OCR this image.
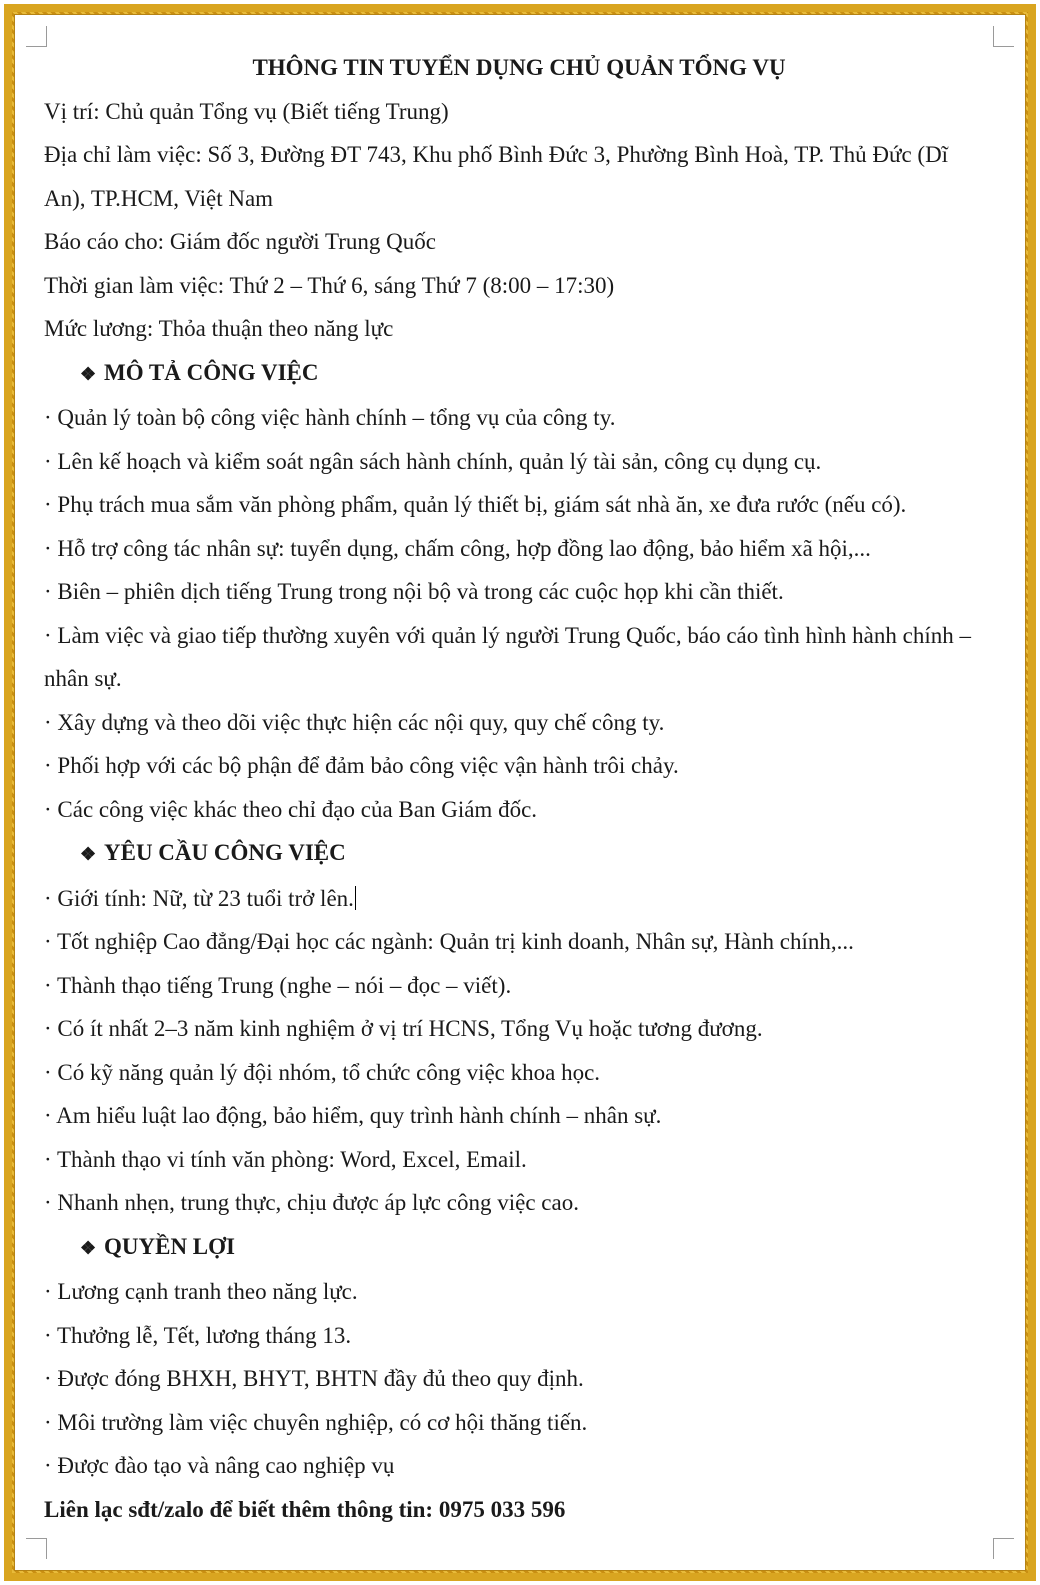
THÔNG TIN TUYỂN DỤNG CHỦ QUẢN TỔNG VỤ

Vị trí: Chủ quản Tổng vụ (Biết tiếng Trung)

Địa chỉ làm việc: Số 3, Đường ĐT 743, Khu phố Bình Đức 3, Phường Bình Hoà, TP. Thủ Đức (Dĩ An), TP.HCM, Việt Nam

Báo cáo cho: Giám đốc người Trung Quốc

Thời gian làm việc: Thứ 2 – Thứ 6, sáng Thứ 7 (8:00 – 17:30)

Mức lương: Thỏa thuận theo năng lực

❖ MÔ TẢ CÔNG VIỆC

· Quản lý toàn bộ công việc hành chính – tổng vụ của công ty.

· Lên kế hoạch và kiểm soát ngân sách hành chính, quản lý tài sản, công cụ dụng cụ.

· Phụ trách mua sắm văn phòng phẩm, quản lý thiết bị, giám sát nhà ăn, xe đưa rước (nếu có).

· Hỗ trợ công tác nhân sự: tuyển dụng, chấm công, hợp đồng lao động, bảo hiểm xã hội,...

· Biên – phiên dịch tiếng Trung trong nội bộ và trong các cuộc họp khi cần thiết.

· Làm việc và giao tiếp thường xuyên với quản lý người Trung Quốc, báo cáo tình hình hành chính – nhân sự.

· Xây dựng và theo dõi việc thực hiện các nội quy, quy chế công ty.

· Phối hợp với các bộ phận để đảm bảo công việc vận hành trôi chảy.

· Các công việc khác theo chỉ đạo của Ban Giám đốc.

❖ YÊU CẦU CÔNG VIỆC

· Giới tính: Nữ, từ 23 tuổi trở lên.

· Tốt nghiệp Cao đẳng/Đại học các ngành: Quản trị kinh doanh, Nhân sự, Hành chính,...

· Thành thạo tiếng Trung (nghe – nói – đọc – viết).

· Có ít nhất 2–3 năm kinh nghiệm ở vị trí HCNS, Tổng Vụ hoặc tương đương.

· Có kỹ năng quản lý đội nhóm, tổ chức công việc khoa học.

· Am hiểu luật lao động, bảo hiểm, quy trình hành chính – nhân sự.

· Thành thạo vi tính văn phòng: Word, Excel, Email.

· Nhanh nhẹn, trung thực, chịu được áp lực công việc cao.

❖ QUYỀN LỢI

· Lương cạnh tranh theo năng lực.

· Thưởng lễ, Tết, lương tháng 13.

· Được đóng BHXH, BHYT, BHTN đầy đủ theo quy định.

· Môi trường làm việc chuyên nghiệp, có cơ hội thăng tiến.

· Được đào tạo và nâng cao nghiệp vụ

Liên lạc sđt/zalo để biết thêm thông tin: 0975 033 596
